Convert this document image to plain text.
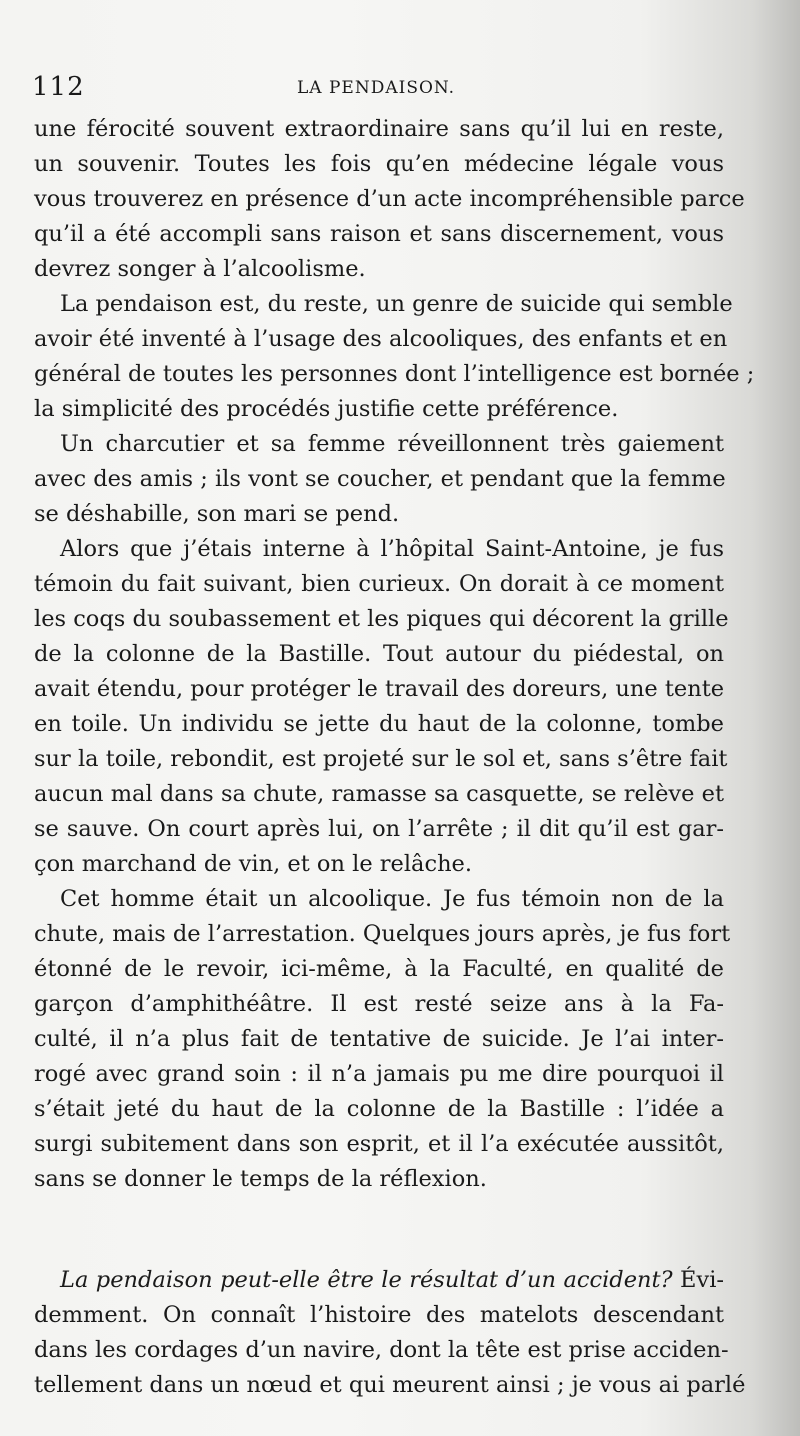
112	LA PENDAISON.
une férocité souvent extraordinaire sans qu’il lui en reste,
un souvenir. Toutes les fois qu’en médecine légale vous
vous trouverez en présence d’un acte incompréhensible parce
qu’il a été accompli sans raison et sans discernement, vous
devrez songer à l’alcoolisme.
La pendaison est, du reste, un genre de suicide qui semble
avoir été inventé à l’usage des alcooliques, des enfants et en
général de toutes les personnes dont l’intelligence est bornée ;
la simplicité des procédés justifie cette préférence.
Un charcutier et sa femme réveillonnent très gaiement
avec des amis ; ils vont se coucher, et pendant que la femme
se déshabille, son mari se pend.
Alors que j’étais interne à l’hôpital Saint-Antoine, je fus
témoin du fait suivant, bien curieux. On dorait à ce moment
les coqs du soubassement et les piques qui décorent la grille
de la colonne de la Bastille. Tout autour du piédestal, on
avait étendu, pour protéger le travail des doreurs, une tente
en toile. Un individu se jette du haut de la colonne, tombe
sur la toile, rebondit, est projeté sur le sol et, sans s’être fait
aucun mal dans sa chute, ramasse sa casquette, se relève et
se sauve. On court après lui, on l’arrête ; il dit qu’il est gar-
çon marchand de vin, et on le relâche.
Cet homme était un alcoolique. Je fus témoin non de la
chute, mais de l’arrestation. Quelques jours après, je fus fort
étonné de le revoir, ici-même, à la Faculté, en qualité de
garçon d’amphithéâtre. Il est resté seize ans à la Fa-
culté, il n’a plus fait de tentative de suicide. Je l’ai inter-
rogé avec grand soin : il n’a jamais pu me dire pourquoi il
s’était jeté du haut de la colonne de la Bastille : l’idée a
surgi subitement dans son esprit, et il l’a exécutée aussitôt,
sans se donner le temps de la réflexion.
La pendaison peut-elle être le résultat d’un accident? Évi-
demment. On connaît l’histoire des matelots descendant
dans les cordages d’un navire, dont la tête est prise acciden-
tellement dans un nœud et qui meurent ainsi ; je vous ai parlé
